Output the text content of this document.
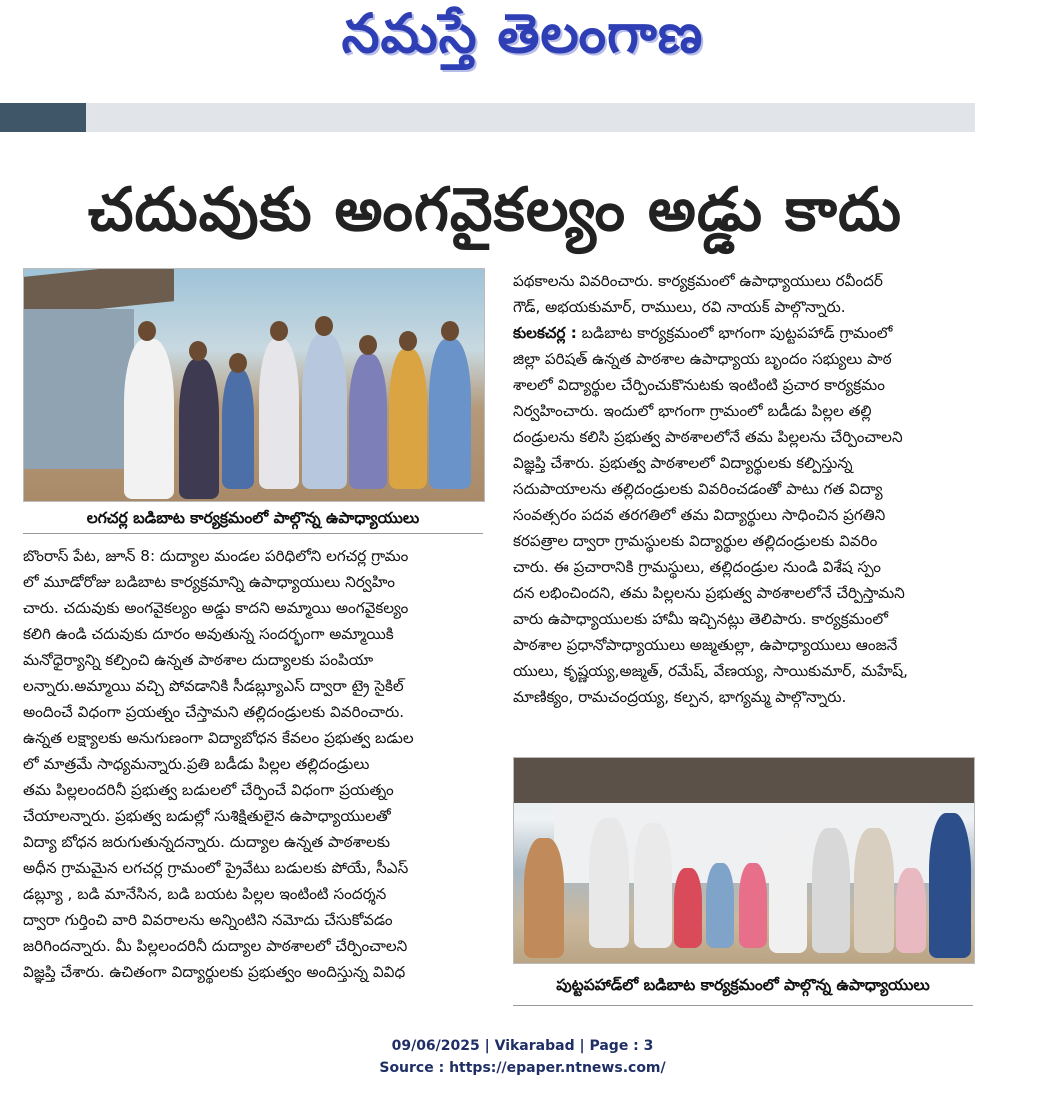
నమస్తే తెలంగాణ
చదువుకు అంగవైకల్యం అడ్డు కాదు
లగచర్ల బడిబాట కార్యక్రమంలో పాల్గొన్న ఉపాధ్యాయులు
బొంరాస్ పేట, జూన్ 8: దుద్యాల మండల పరిధిలోని లగచర్ల గ్రామం
లో మూడోరోజు బడిబాట కార్యక్రమాన్ని ఉపాధ్యాయులు నిర్వహిం
చారు. చదువుకు అంగవైకల్యం అడ్డు కాదని అమ్మాయి అంగవైకల్యం
కలిగి ఉండి చదువుకు దూరం అవుతున్న సందర్భంగా అమ్మాయికి
మనోధైర్యాన్ని కల్పించి ఉన్నత పాఠశాల దుద్యాలకు పంపియా
లన్నారు.అమ్మాయి వచ్చి పోవడానికి సీడబ్ల్యూఎస్ ద్వారా ట్రై సైకిల్
అందించే విధంగా ప్రయత్నం చేస్తామని తల్లిదండ్రులకు వివరించారు.
ఉన్నత లక్ష్యాలకు అనుగుణంగా విద్యాబోధన కేవలం ప్రభుత్వ బడుల
లో మాత్రమే సాధ్యమన్నారు.ప్రతి బడీడు పిల్లల తల్లిదండ్రులు
తమ పిల్లలందరినీ ప్రభుత్వ బడులలో చేర్పించే విధంగా ప్రయత్నం
చేయాలన్నారు. ప్రభుత్వ బడుల్లో సుశిక్షితులైన ఉపాధ్యాయులతో
విద్యా బోధన జరుగుతున్నదన్నారు. దుద్యాల ఉన్నత పాఠశాలకు
అధీన గ్రామమైన లగచర్ల గ్రామంలో ప్రైవేటు బడులకు పోయే, సీఎస్
డబ్ల్యూ , బడి మానేసిన, బడి బయట పిల్లల ఇంటింటి సందర్శన
ద్వారా గుర్తించి వారి వివరాలను అన్నింటిని నమోదు చేసుకోవడం
జరిగిందన్నారు. మీ పిల్లలందరినీ దుద్యాల పాఠశాలలో చేర్పించాలని
విజ్ఞప్తి చేశారు. ఉచితంగా విద్యార్థులకు ప్రభుత్వం అందిస్తున్న వివిధ
పథకాలను వివరించారు. కార్యక్రమంలో ఉపాధ్యాయులు రవీందర్
గౌడ్, అభయకుమార్, రాములు, రవి నాయక్ పాల్గొన్నారు.
కులకచర్ల : బడిబాట కార్యక్రమంలో భాగంగా పుట్టపహాడ్ గ్రామంలో
జిల్లా పరిషత్ ఉన్నత పాఠశాల ఉపాధ్యాయ బృందం సభ్యులు పాఠ
శాలలో విద్యార్థుల చేర్పించుకొనుటకు ఇంటింటి ప్రచార కార్యక్రమం
నిర్వహించారు. ఇందులో భాగంగా గ్రామంలో బడీడు పిల్లల తల్లి
దండ్రులను కలిసి ప్రభుత్వ పాఠశాలలోనే తమ పిల్లలను చేర్పించాలని
విజ్ఞప్తి చేశారు. ప్రభుత్వ పాఠశాలలో విద్యార్థులకు కల్పిస్తున్న
సదుపాయాలను తల్లిదండ్రులకు వివరించడంతో పాటు గత విద్యా
సంవత్సరం పదవ తరగతిలో తమ విద్యార్థులు సాధించిన ప్రగతిని
కరపత్రాల ద్వారా గ్రామస్థులకు విద్యార్థుల తల్లిదండ్రులకు వివరిం
చారు. ఈ ప్రచారానికి గ్రామస్థులు, తల్లిదండ్రుల నుండి విశేష స్పం
దన లభించిందని, తమ పిల్లలను ప్రభుత్వ పాఠశాలలోనే చేర్పిస్తామని
వారు ఉపాధ్యాయులకు హామీ ఇచ్చినట్లు తెలిపారు. కార్యక్రమంలో
పాఠశాల ప్రధానోపాధ్యాయులు అజ్మతుల్లా, ఉపాధ్యాయులు ఆంజనే
యులు, కృష్ణయ్య,అజ్మత్, రమేష్, వేణయ్య, సాయికుమార్, మహేష్,
మాణిక్యం, రామచంద్రయ్య, కల్పన, భాగ్యమ్మ పాల్గొన్నారు.
పుట్టపహాడ్‌లో బడిబాట కార్యక్రమంలో పాల్గొన్న ఉపాధ్యాయులు
09/06/2025 | Vikarabad | Page : 3
Source : https://epaper.ntnews.com/
